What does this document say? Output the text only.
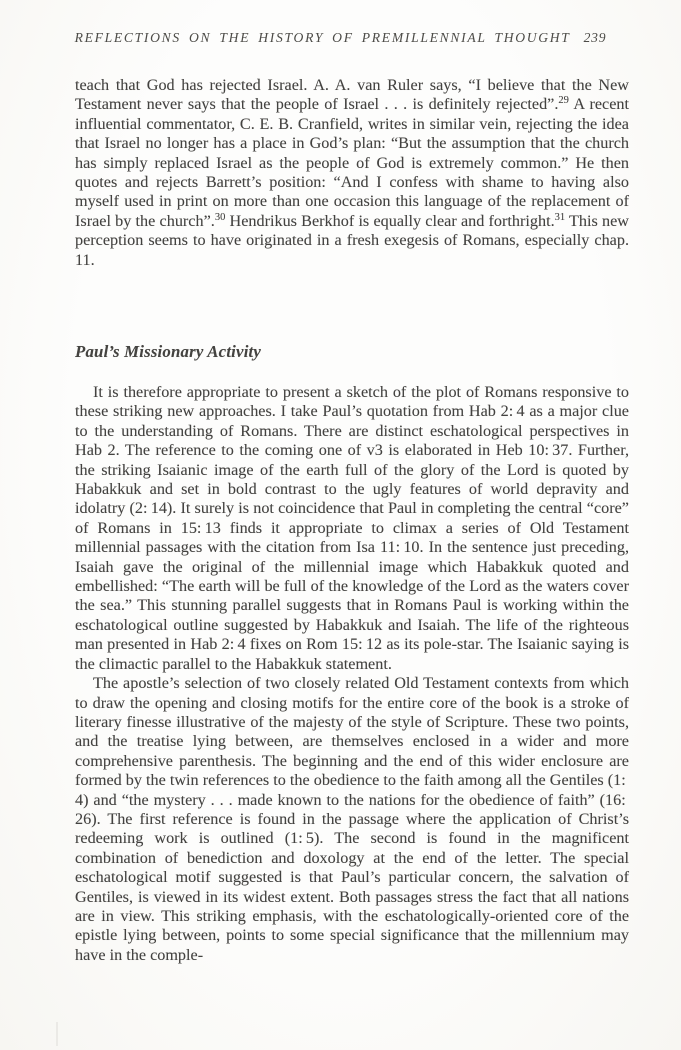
REFLECTIONS ON THE HISTORY OF PREMILLENNIAL THOUGHT 239

teach that God has rejected Israel. A. A. van Ruler says, “I believe that the New Testament never says that the people of Israel . . . is definitely rejected”.$^{29}$ A recent influential commentator, C. E. B. Cranfield, writes in similar vein, rejecting the idea that Israel no longer has a place in God’s plan: “But the assumption that the church has simply replaced Israel as the people of God is extremely common.” He then quotes and rejects Barrett’s position: “And I confess with shame to having also myself used in print on more than one occasion this language of the replacement of Israel by the church”.$^{30}$ Hendrikus Berkhof is equally clear and forthright.$^{31}$ This new perception seems to have originated in a fresh exegesis of Romans, especially chap. 11.

Paul’s Missionary Activity

It is therefore appropriate to present a sketch of the plot of Romans responsive to these striking new approaches. I take Paul’s quotation from Hab 2: 4 as a major clue to the understanding of Romans. There are distinct eschatological perspectives in Hab 2. The reference to the coming one of v3 is elaborated in Heb 10: 37. Further, the striking Isaianic image of the earth full of the glory of the Lord is quoted by Habakkuk and set in bold contrast to the ugly features of world depravity and idolatry (2: 14). It surely is not coincidence that Paul in completing the central “core” of Romans in 15: 13 finds it appropriate to climax a series of Old Testament millennial passages with the citation from Isa 11: 10. In the sentence just preceding, Isaiah gave the original of the millennial image which Habakkuk quoted and embellished: “The earth will be full of the knowledge of the Lord as the waters cover the sea.” This stunning parallel suggests that in Romans Paul is working within the eschatological outline suggested by Habakkuk and Isaiah. The life of the righteous man presented in Hab 2: 4 fixes on Rom 15: 12 as its pole-star. The Isaianic saying is the climactic parallel to the Habakkuk statement.

The apostle’s selection of two closely related Old Testament contexts from which to draw the opening and closing motifs for the entire core of the book is a stroke of literary finesse illustrative of the majesty of the style of Scripture. These two points, and the treatise lying between, are themselves enclosed in a wider and more comprehensive parenthesis. The beginning and the end of this wider enclosure are formed by the twin references to the obedience to the faith among all the Gentiles (1: 4) and “the mystery . . . made known to the nations for the obedience of faith” (16: 26). The first reference is found in the passage where the application of Christ’s redeeming work is outlined (1: 5). The second is found in the magnificent combination of benediction and doxology at the end of the letter. The special eschatological motif suggested is that Paul’s particular concern, the salvation of Gentiles, is viewed in its widest extent. Both passages stress the fact that all nations are in view. This striking emphasis, with the eschatologically-oriented core of the epistle lying between, points to some special significance that the millennium may have in the comple-
